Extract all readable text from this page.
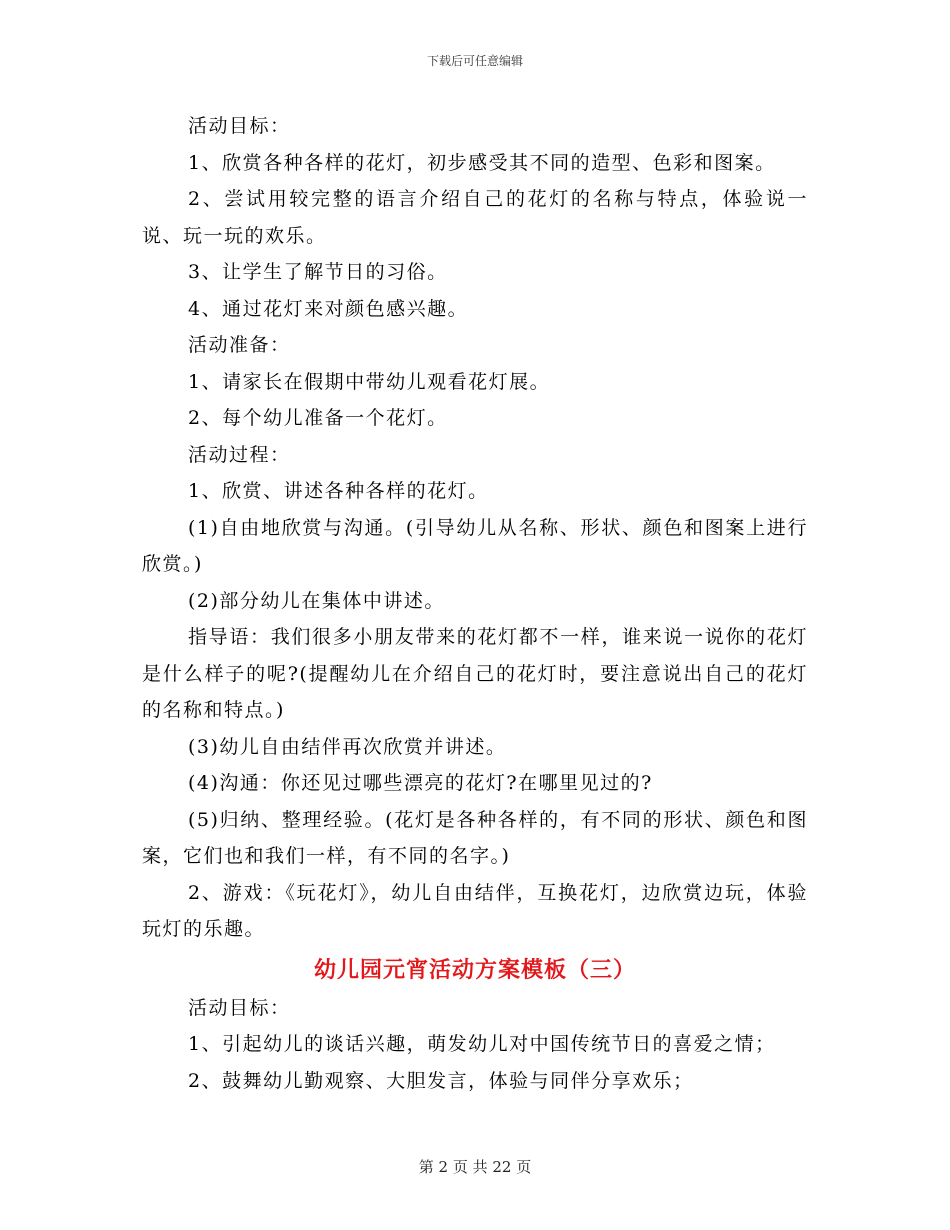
下载后可任意编辑

活动目标：

1、欣赏各种各样的花灯，初步感受其不同的造型、色彩和图案。

2、尝试用较完整的语言介绍自己的花灯的名称与特点，体验说一说、玩一玩的欢乐。

3、让学生了解节日的习俗。

4、通过花灯来对颜色感兴趣。

活动准备：

1、请家长在假期中带幼儿观看花灯展。

2、每个幼儿准备一个花灯。

活动过程：

1、欣赏、讲述各种各样的花灯。

(1)自由地欣赏与沟通。(引导幼儿从名称、形状、颜色和图案上进行欣赏。)

(2)部分幼儿在集体中讲述。

指导语：我们很多小朋友带来的花灯都不一样，谁来说一说你的花灯是什么样子的呢?(提醒幼儿在介绍自己的花灯时，要注意说出自己的花灯的名称和特点。)

(3)幼儿自由结伴再次欣赏并讲述。

(4)沟通：你还见过哪些漂亮的花灯?在哪里见过的?

(5)归纳、整理经验。(花灯是各种各样的，有不同的形状、颜色和图案，它们也和我们一样，有不同的名字。)

2、游戏：《玩花灯》，幼儿自由结伴，互换花灯，边欣赏边玩，体验玩灯的乐趣。

幼儿园元宵活动方案模板（三）

活动目标：

1、引起幼儿的谈话兴趣，萌发幼儿对中国传统节日的喜爱之情；

2、鼓舞幼儿勤观察、大胆发言，体验与同伴分享欢乐；

第 2 页 共 22 页
